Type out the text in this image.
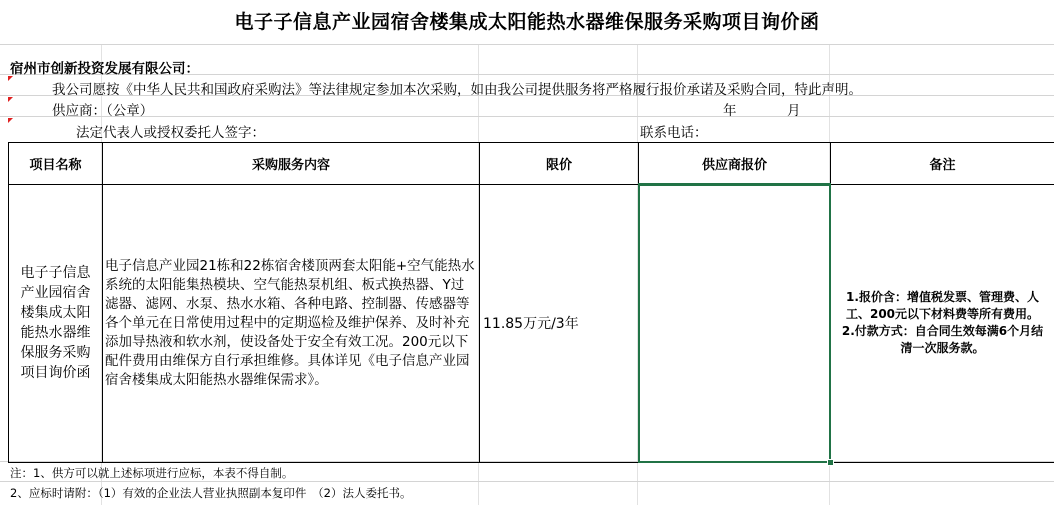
电子子信息产业园宿舍楼集成太阳能热水器维保服务采购项目询价函
宿州市创新投资发展有限公司：
我公司愿按《中华人民共和国政府采购法》等法律规定参加本次采购，如由我公司提供服务将严格履行报价承诺及采购合同，特此声明。
供应商：（公章）	年	月
法定代表人或授权委托人签字：	联系电话：
项目名称	采购服务内容	限价	供应商报价	备注
电子子信息产业园宿舍楼集成太阳能热水器维保服务采购项目询价函	电子信息产业园21栋和22栋宿舍楼顶两套太阳能+空气能热水系统的太阳能集热模块、空气能热泵机组、板式换热器、Y过滤器、滤网、水泵、热水水箱、各种电路、控制器、传感器等各个单元在日常使用过程中的定期巡检及维护保养、及时补充添加导热液和软水剂，使设备处于安全有效工况。200元以下配件费用由维保方自行承担维修。具体详见《电子信息产业园宿舍楼集成太阳能热水器维保需求》。	11.85万元/3年		1.报价含：增值税发票、管理费、人工、200元以下材料费等所有费用。
2.付款方式：自合同生效每满6个月结清一次服务款。
注：1、供方可以就上述标项进行应标，本表不得自制。
2、应标时请附：（1）有效的企业法人营业执照副本复印件　（2）法人委托书。
